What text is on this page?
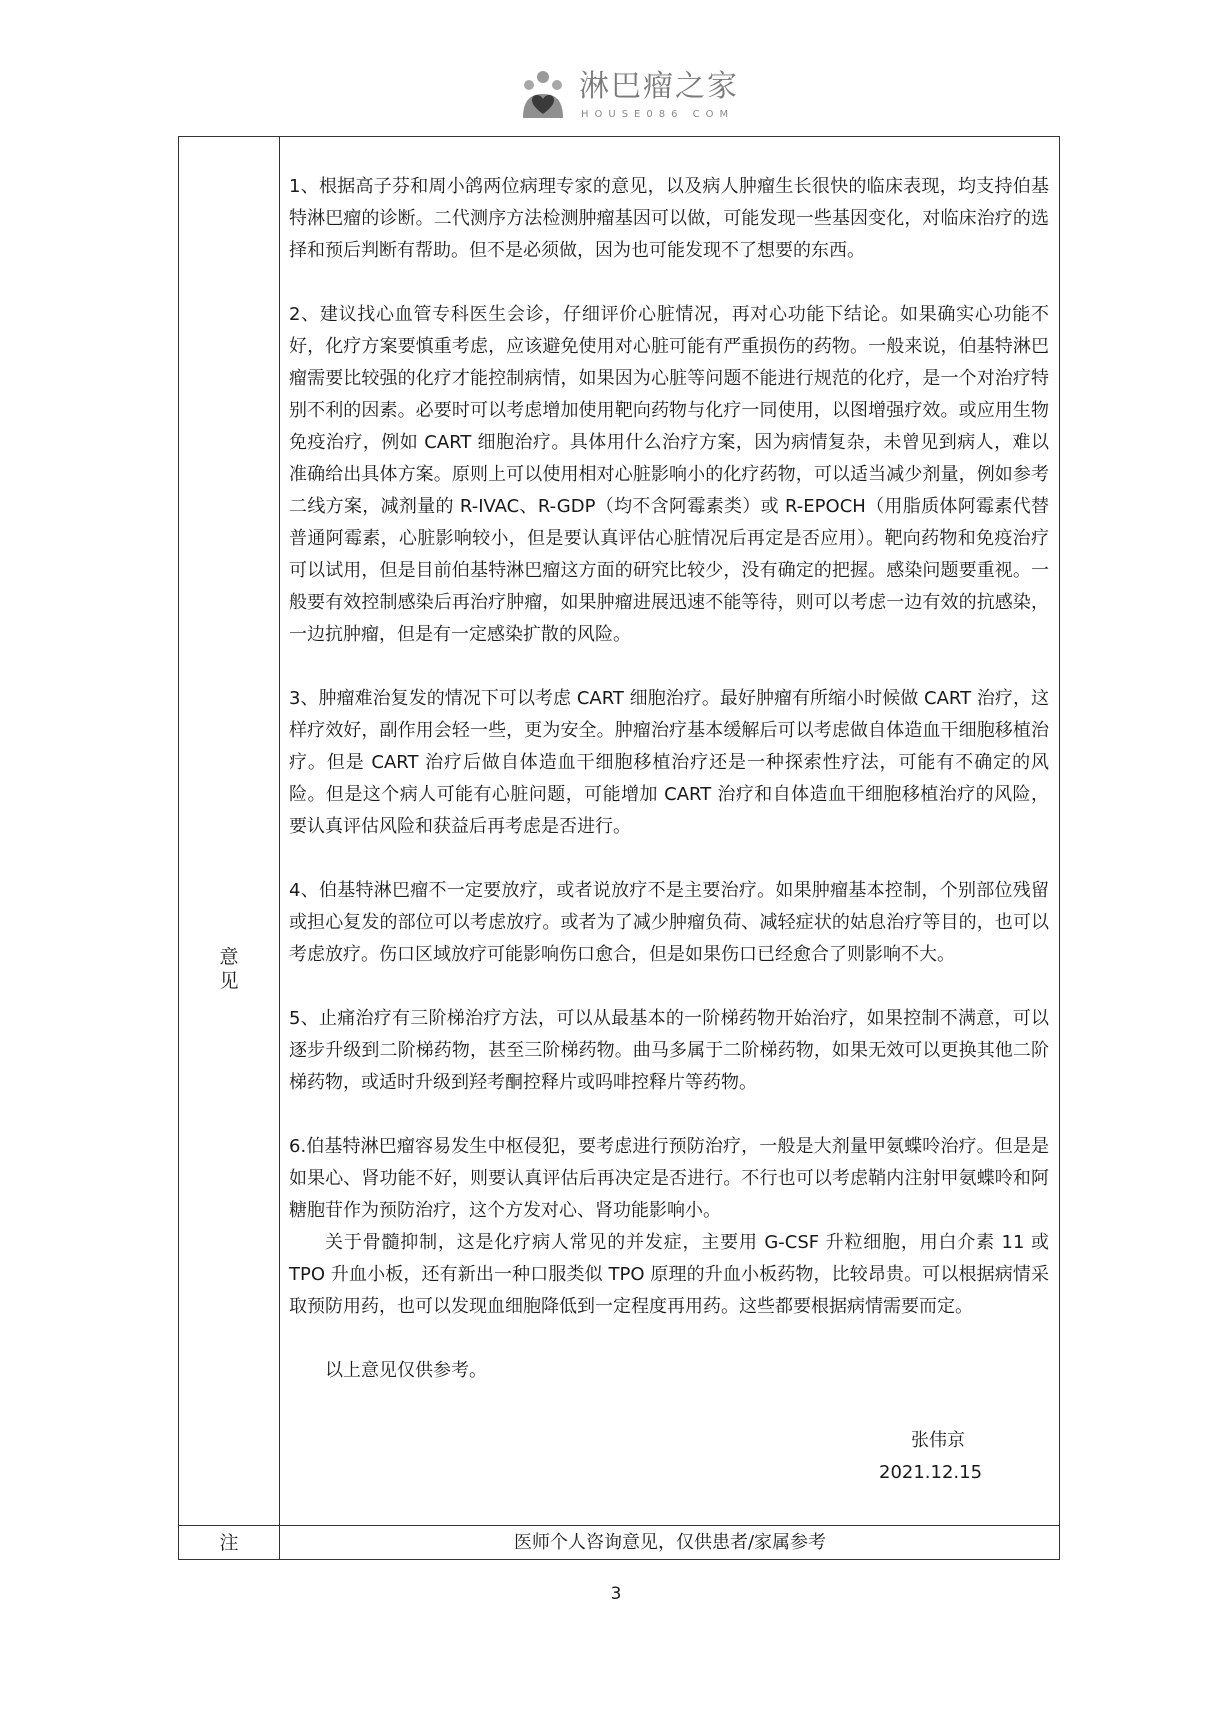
淋巴瘤之家
HOUSE086 COM
意见

1、根据高子芬和周小鸽两位病理专家的意见，以及病人肿瘤生长很快的临床表现，均支持伯基特淋巴瘤的诊断。二代测序方法检测肿瘤基因可以做，可能发现一些基因变化，对临床治疗的选择和预后判断有帮助。但不是必须做，因为也可能发现不了想要的东西。

2、建议找心血管专科医生会诊，仔细评价心脏情况，再对心功能下结论。如果确实心功能不好，化疗方案要慎重考虑，应该避免使用对心脏可能有严重损伤的药物。一般来说，伯基特淋巴瘤需要比较强的化疗才能控制病情，如果因为心脏等问题不能进行规范的化疗，是一个对治疗特别不利的因素。必要时可以考虑增加使用靶向药物与化疗一同使用，以图增强疗效。或应用生物免疫治疗，例如 CART 细胞治疗。具体用什么治疗方案，因为病情复杂，未曾见到病人，难以准确给出具体方案。原则上可以使用相对心脏影响小的化疗药物，可以适当减少剂量，例如参考二线方案，减剂量的 R-IVAC、R-GDP（均不含阿霉素类）或 R-EPOCH（用脂质体阿霉素代替普通阿霉素，心脏影响较小，但是要认真评估心脏情况后再定是否应用）。靶向药物和免疫治疗可以试用，但是目前伯基特淋巴瘤这方面的研究比较少，没有确定的把握。感染问题要重视。一般要有效控制感染后再治疗肿瘤，如果肿瘤进展迅速不能等待，则可以考虑一边有效的抗感染，一边抗肿瘤，但是有一定感染扩散的风险。

3、肿瘤难治复发的情况下可以考虑 CART 细胞治疗。最好肿瘤有所缩小时候做 CART 治疗，这样疗效好，副作用会轻一些，更为安全。肿瘤治疗基本缓解后可以考虑做自体造血干细胞移植治疗。但是 CART 治疗后做自体造血干细胞移植治疗还是一种探索性疗法，可能有不确定的风险。但是这个病人可能有心脏问题，可能增加 CART 治疗和自体造血干细胞移植治疗的风险，要认真评估风险和获益后再考虑是否进行。

4、伯基特淋巴瘤不一定要放疗，或者说放疗不是主要治疗。如果肿瘤基本控制，个别部位残留或担心复发的部位可以考虑放疗。或者为了减少肿瘤负荷、减轻症状的姑息治疗等目的，也可以考虑放疗。伤口区域放疗可能影响伤口愈合，但是如果伤口已经愈合了则影响不大。

5、止痛治疗有三阶梯治疗方法，可以从最基本的一阶梯药物开始治疗，如果控制不满意，可以逐步升级到二阶梯药物，甚至三阶梯药物。曲马多属于二阶梯药物，如果无效可以更换其他二阶梯药物，或适时升级到羟考酮控释片或吗啡控释片等药物。

6.伯基特淋巴瘤容易发生中枢侵犯，要考虑进行预防治疗，一般是大剂量甲氨蝶呤治疗。但是是如果心、肾功能不好，则要认真评估后再决定是否进行。不行也可以考虑鞘内注射甲氨蝶呤和阿糖胞苷作为预防治疗，这个方发对心、肾功能影响小。

关于骨髓抑制，这是化疗病人常见的并发症，主要用 G-CSF 升粒细胞，用白介素 11 或 TPO 升血小板，还有新出一种口服类似 TPO 原理的升血小板药物，比较昂贵。可以根据病情采取预防用药，也可以发现血细胞降低到一定程度再用药。这些都要根据病情需要而定。

以上意见仅供参考。

张伟京
2021.12.15
注	医师个人咨询意见，仅供患者/家属参考
3
